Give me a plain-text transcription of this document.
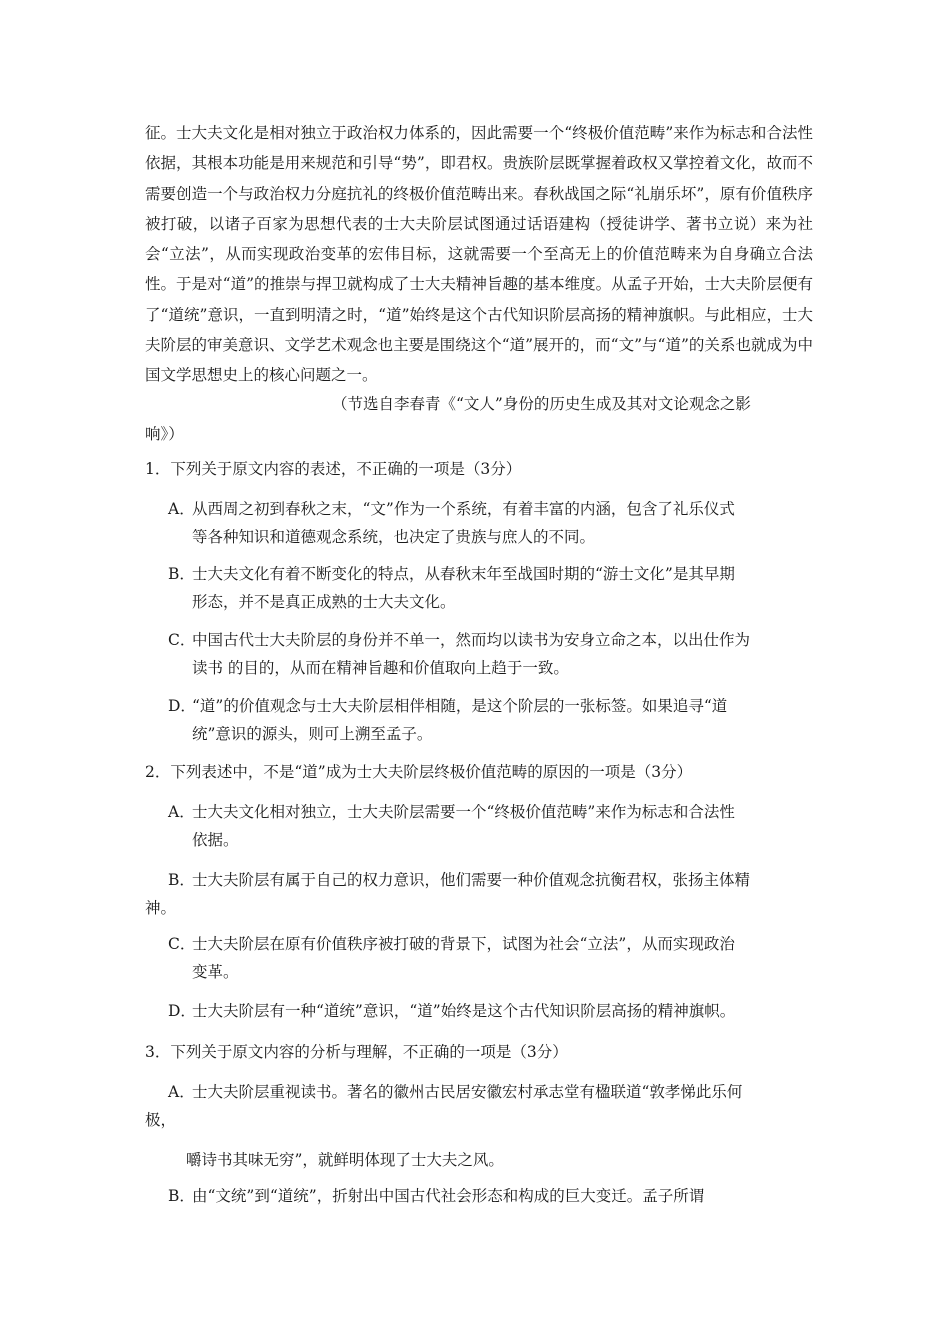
征。士大夫文化是相对独立于政治权力体系的，因此需要一个“终极价值范畴”来作为标志和合法性依据，其根本功能是用来规范和引导“势”，即君权。贵族阶层既掌握着政权又掌控着文化，故而不需要创造一个与政治权力分庭抗礼的终极价值范畴出来。春秋战国之际“礼崩乐坏”，原有价值秩序被打破，以诸子百家为思想代表的士大夫阶层试图通过话语建构（授徒讲学、著书立说）来为社会“立法”，从而实现政治变革的宏伟目标，这就需要一个至高无上的价值范畴来为自身确立合法性。于是对“道”的推崇与捍卫就构成了士大夫精神旨趣的基本维度。从孟子开始，士大夫阶层便有了“道统”意识，一直到明清之时，“道”始终是这个古代知识阶层高扬的精神旗帜。与此相应，士大夫阶层的审美意识、文学艺术观念也主要是围绕这个“道”展开的，而“文”与“道”的关系也就成为中国文学思想史上的核心问题之一。

（节选自李春青《“文人”身份的历史生成及其对文论观念之影
响》）

1．下列关于原文内容的表述，不正确的一项是（3分）

A．从西周之初到春秋之末，“文”作为一个系统，有着丰富的内涵，包含了礼乐仪式
等各种知识和道德观念系统，也决定了贵族与庶人的不同。

B．士大夫文化有着不断变化的特点，从春秋末年至战国时期的“游士文化”是其早期
形态，并不是真正成熟的士大夫文化。

C．中国古代士大夫阶层的身份并不单一，然而均以读书为安身立命之本，以出仕作为
读书 的目的，从而在精神旨趣和价值取向上趋于一致。

D．“道”的价值观念与士大夫阶层相伴相随，是这个阶层的一张标签。如果追寻“道
统”意识的源头，则可上溯至孟子。

2．下列表述中，不是“道”成为士大夫阶层终极价值范畴的原因的一项是（3分）

A．士大夫文化相对独立，士大夫阶层需要一个“终极价值范畴”来作为标志和合法性
依据。

B．士大夫阶层有属于自己的权力意识，他们需要一种价值观念抗衡君权，张扬主体精
神。

C．士大夫阶层在原有价值秩序被打破的背景下，试图为社会“立法”，从而实现政治
变革。

D．士大夫阶层有一种“道统”意识，“道”始终是这个古代知识阶层高扬的精神旗帜。

3．下列关于原文内容的分析与理解，不正确的一项是（3分）

A．士大夫阶层重视读书。著名的徽州古民居安徽宏村承志堂有楹联道“敦孝悌此乐何
极，

嚼诗书其味无穷”，就鲜明体现了士大夫之风。

B．由“文统”到“道统”，折射出中国古代社会形态和构成的巨大变迁。孟子所谓
